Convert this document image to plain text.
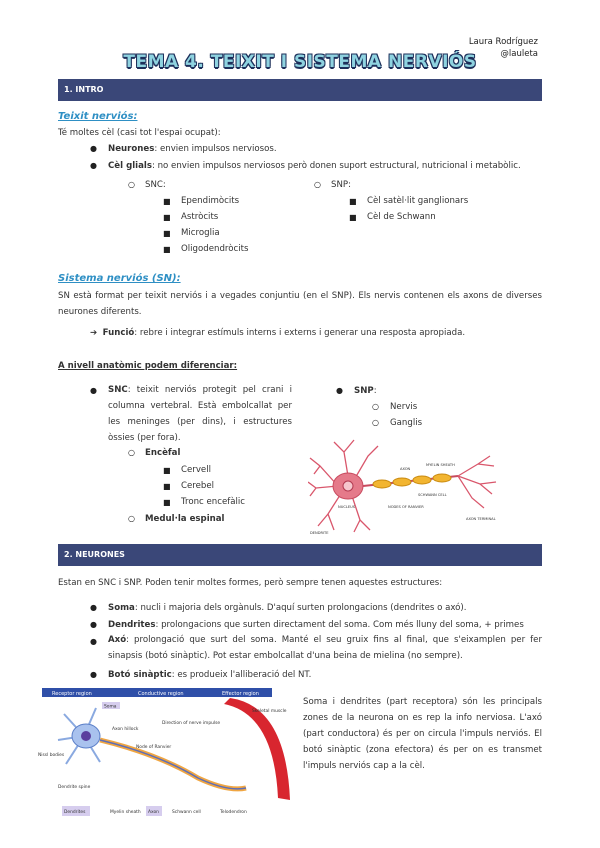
Laura Rodríguez
@lauleta
TEMA 4. TEIXIT I SISTEMA NERVIÓS
1. INTRO
Teixit nerviós:
Té moltes cèl (casi tot l'espai ocupat):
● Neurones: envien impulsos nerviosos.
● Cèl glials: no envien impulsos nerviosos però donen suport estructural, nutricional i metabòlic.
○ SNC:
■ Ependimòcits
■ Astròcits
■ Microglia
■ Oligodendròcits
○ SNP:
■ Cèl satèl·lit ganglionars
■ Cèl de Schwann
Sistema nerviós (SN):
SN està format per teixit nerviós i a vegades conjuntiu (en el SNP). Els nervis contenen els axons de diverses neurones diferents.
➔  Funció: rebre i integrar estímuls interns i externs i generar una resposta apropiada.
A nivell anatòmic podem diferenciar:
● SNC: teixit nerviós protegit pel crani i columna vertebral. Està embolcallat per les meninges (per dins), i estructures òssies (per fora).
○ Encèfal
■ Cervell
■ Cerebel
■ Tronc encefàlic
○ Medul·la espinal
● SNP:
○ Nervis
○ Ganglis
AXON
SCHWANN CELL
NODES OF RANVIER
MYELIN SHEATH
AXON TERMINAL
NUCLEUS
DENDRITE
2. NEURONES
Estan en SNC i SNP. Poden tenir moltes formes, però sempre tenen aquestes estructures:
● Soma: nucli i majoria dels orgànuls. D'aquí surten prolongacions (dendrites o axó).
● Dendrites: prolongacions que surten directament del soma. Com més lluny del soma, + primes
● Axó: prolongació que surt del soma. Manté el seu gruix fins al final, que s'eixamplen per fer sinapsis (botó sinàptic). Pot estar embolcallat d'una beina de mielina (no sempre).
● Botó sinàptic: es produeix l'alliberació del NT.
Receptor region	Conductive region	Effector region
Soma
Axon hillock
Node of Ranvier
Direction of nerve impulse
Skeletal muscle
Nissl bodies
Dendrite spine
Dendrites	Myelin sheath Axon	Schwann cell	Telodendron
Soma i dendrites (part receptora) són les principals zones de la neurona on es rep la info nerviosa. L'axó (part conductora) és per on circula l'impuls nerviós. El botó sinàptic (zona efectora) és per on es transmet l'impuls nerviós cap a la cèl.
